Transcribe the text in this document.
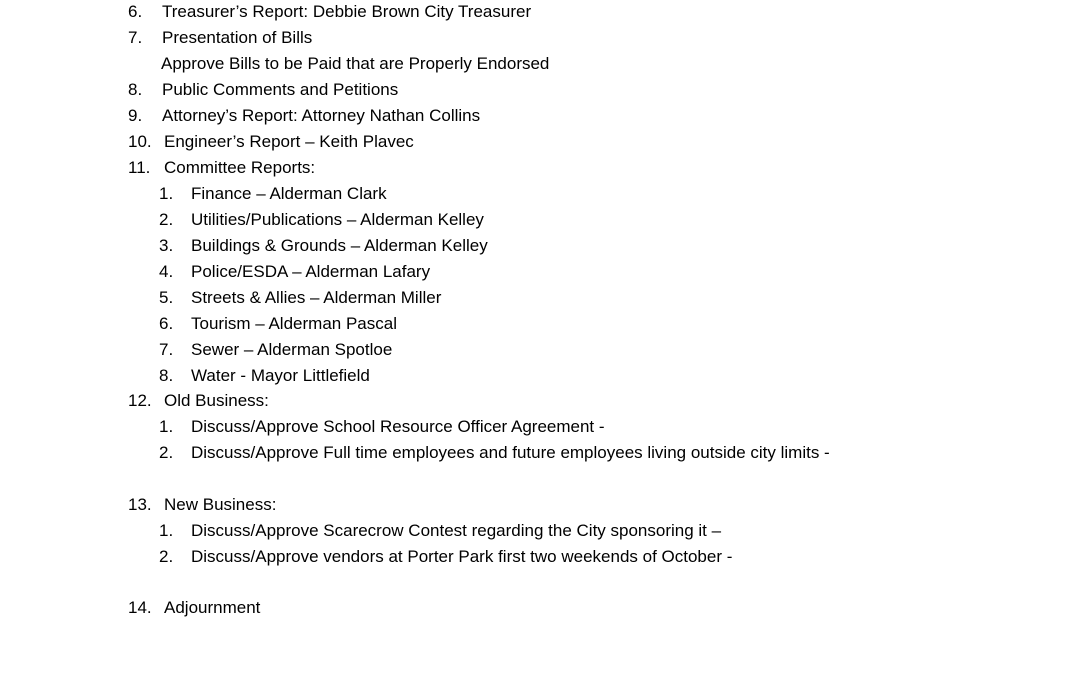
6. Treasurer’s Report: Debbie Brown City Treasurer
7. Presentation of Bills
Approve Bills to be Paid that are Properly Endorsed
8. Public Comments and Petitions
9. Attorney’s Report: Attorney Nathan Collins
10. Engineer’s Report – Keith Plavec
11. Committee Reports:
1. Finance – Alderman Clark
2. Utilities/Publications – Alderman Kelley
3. Buildings & Grounds – Alderman Kelley
4. Police/ESDA – Alderman Lafary
5. Streets & Allies – Alderman Miller
6. Tourism – Alderman Pascal
7. Sewer – Alderman Spotloe
8. Water - Mayor Littlefield
12. Old Business:
1. Discuss/Approve School Resource Officer Agreement -
2. Discuss/Approve Full time employees and future employees living outside city limits -
13. New Business:
1. Discuss/Approve Scarecrow Contest regarding the City sponsoring it –
2. Discuss/Approve vendors at Porter Park first two weekends of October -
14. Adjournment
